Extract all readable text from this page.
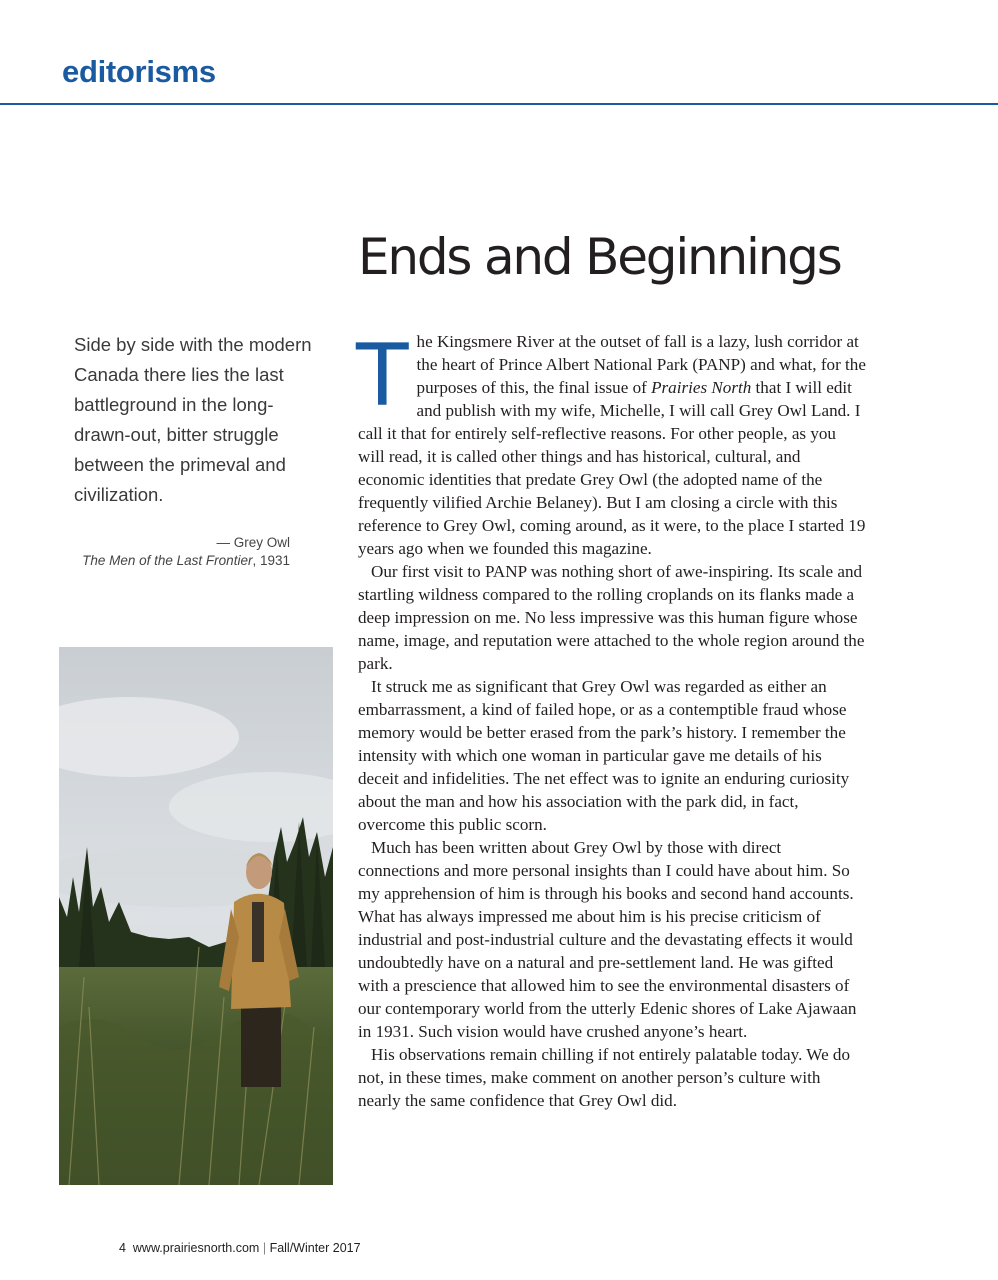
editorisms
Ends and Beginnings

Side by side with the modern Canada there lies the last battleground in the long-drawn-out, bitter struggle between the primeval and civilization.

— Grey Owl
The Men of the Last Frontier, 1931

The Kingsmere River at the outset of fall is a lazy, lush corridor at the heart of Prince Albert National Park (PANP) and what, for the purposes of this, the final issue of Prairies North that I will edit and publish with my wife, Michelle, I will call Grey Owl Land. I call it that for entirely self-reflective reasons. For other people, as you will read, it is called other things and has historical, cultural, and economic identities that predate Grey Owl (the adopted name of the frequently vilified Archie Belaney). But I am closing a circle with this reference to Grey Owl, coming around, as it were, to the place I started 19 years ago when we founded this magazine.

Our first visit to PANP was nothing short of awe-inspiring. Its scale and startling wildness compared to the rolling croplands on its flanks made a deep impression on me. No less impressive was this human figure whose name, image, and reputation were attached to the whole region around the park.

It struck me as significant that Grey Owl was regarded as either an embarrassment, a kind of failed hope, or as a contemptible fraud whose memory would be better erased from the park’s history. I remember the intensity with which one woman in particular gave me details of his deceit and infidelities. The net effect was to ignite an enduring curiosity about the man and how his association with the park did, in fact, overcome this public scorn.

Much has been written about Grey Owl by those with direct connections and more personal insights than I could have about him. So my apprehension of him is through his books and second hand accounts. What has always impressed me about him is his precise criticism of industrial and post-industrial culture and the devastating effects it would undoubtedly have on a natural and pre-settlement land. He was gifted with a prescience that allowed him to see the environmental disasters of our contemporary world from the utterly Edenic shores of Lake Ajawaan in 1931. Such vision would have crushed anyone’s heart.

His observations remain chilling if not entirely palatable today. We do not, in these times, make comment on another person’s culture with nearly the same confidence that Grey Owl did.

4 www.prairiesnorth.com | Fall/Winter 2017
